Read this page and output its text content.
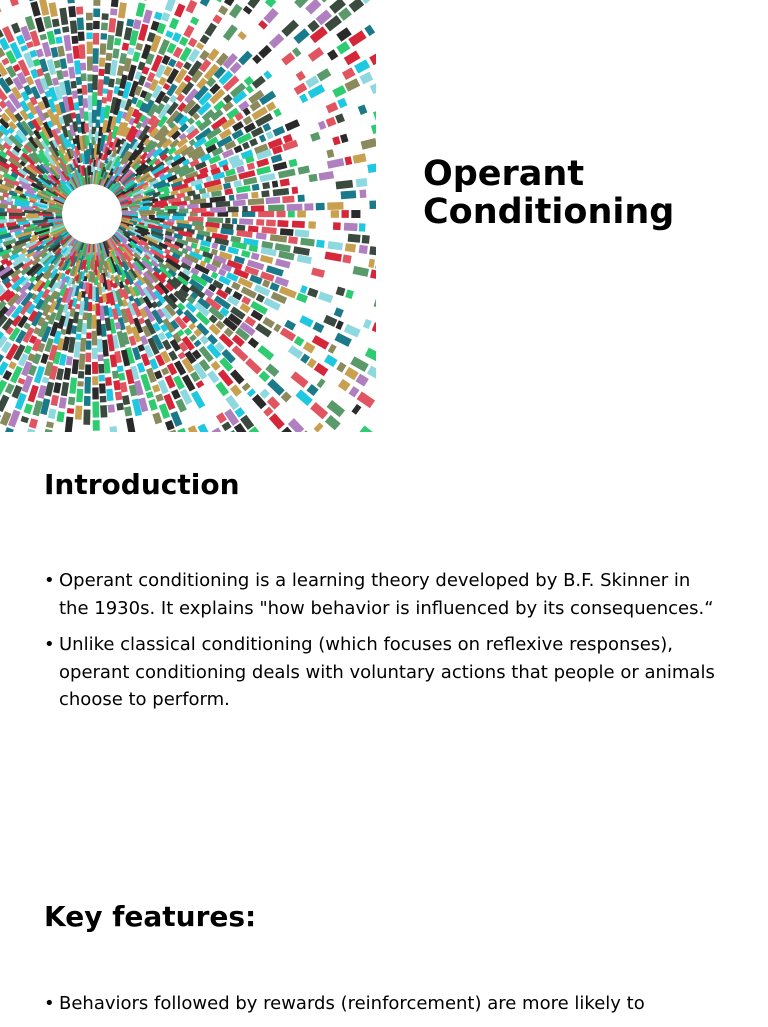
Operant
Conditioning
Introduction
• Operant conditioning is a learning theory developed by B.F. Skinner in the 1930s. It explains "how behavior is influenced by its consequences.“
• Unlike classical conditioning (which focuses on reflexive responses), operant conditioning deals with voluntary actions that people or animals choose to perform.
Key features:
• Behaviors followed by rewards (reinforcement) are more likely to
